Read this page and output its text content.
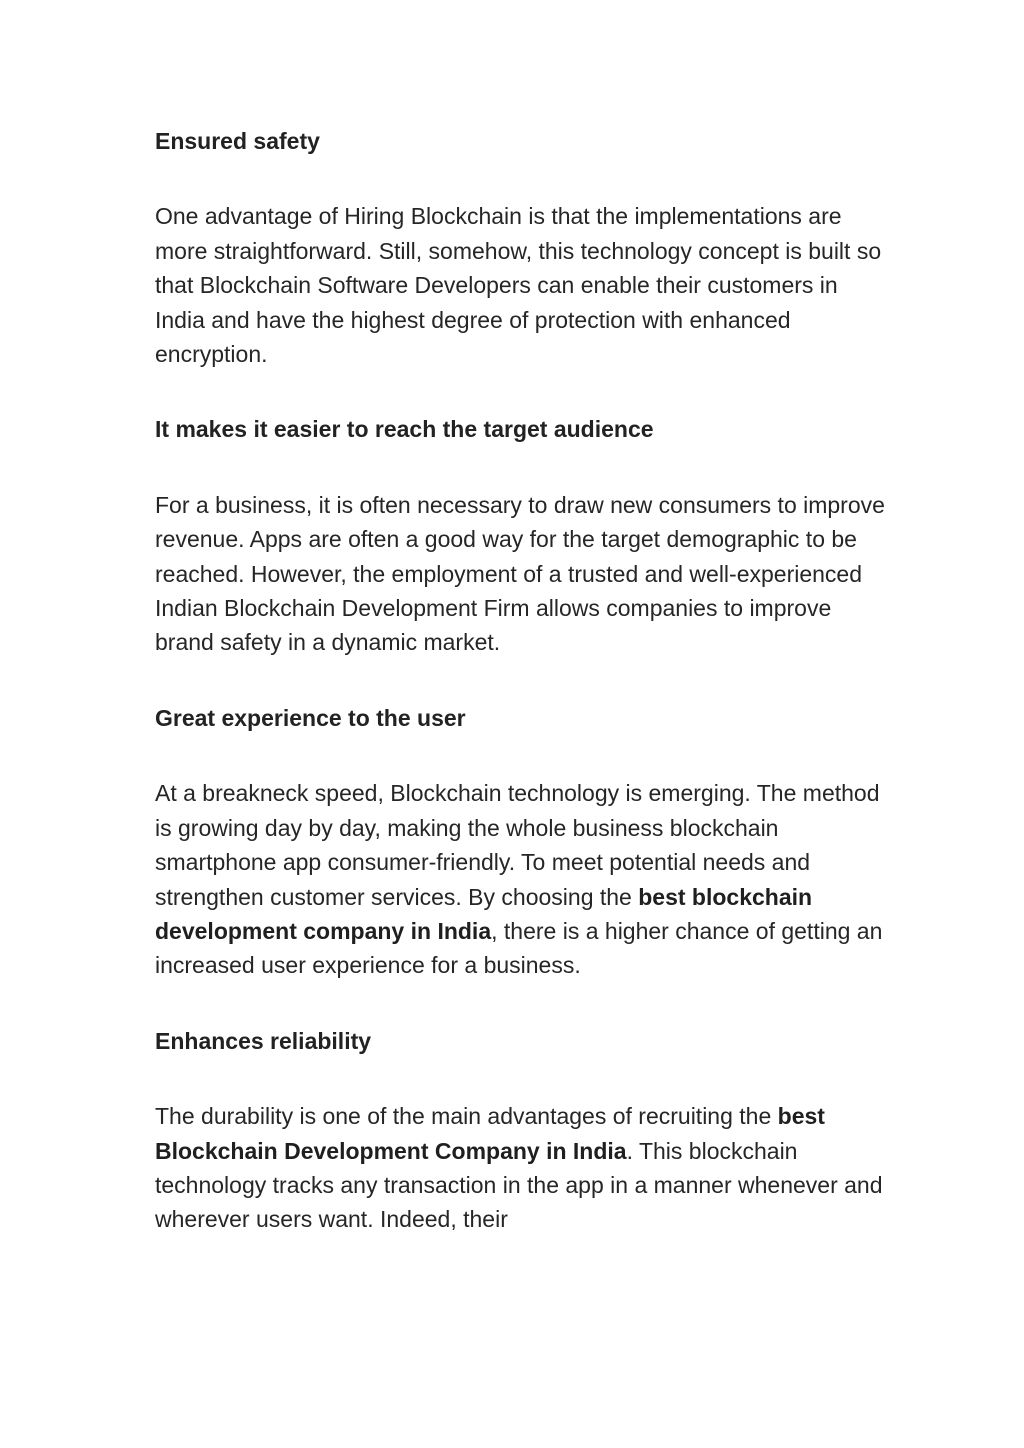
Ensured safety

One advantage of Hiring Blockchain is that the implementations are more straightforward. Still, somehow, this technology concept is built so that Blockchain Software Developers can enable their customers in India and have the highest degree of protection with enhanced encryption.

It makes it easier to reach the target audience

For a business, it is often necessary to draw new consumers to improve revenue. Apps are often a good way for the target demographic to be reached. However, the employment of a trusted and well-experienced Indian Blockchain Development Firm allows companies to improve brand safety in a dynamic market.

Great experience to the user

At a breakneck speed, Blockchain technology is emerging. The method is growing day by day, making the whole business blockchain smartphone app consumer-friendly. To meet potential needs and strengthen customer services. By choosing the best blockchain development company in India, there is a higher chance of getting an increased user experience for a business.

Enhances reliability

The durability is one of the main advantages of recruiting the best Blockchain Development Company in India. This blockchain technology tracks any transaction in the app in a manner whenever and wherever users want. Indeed, their
